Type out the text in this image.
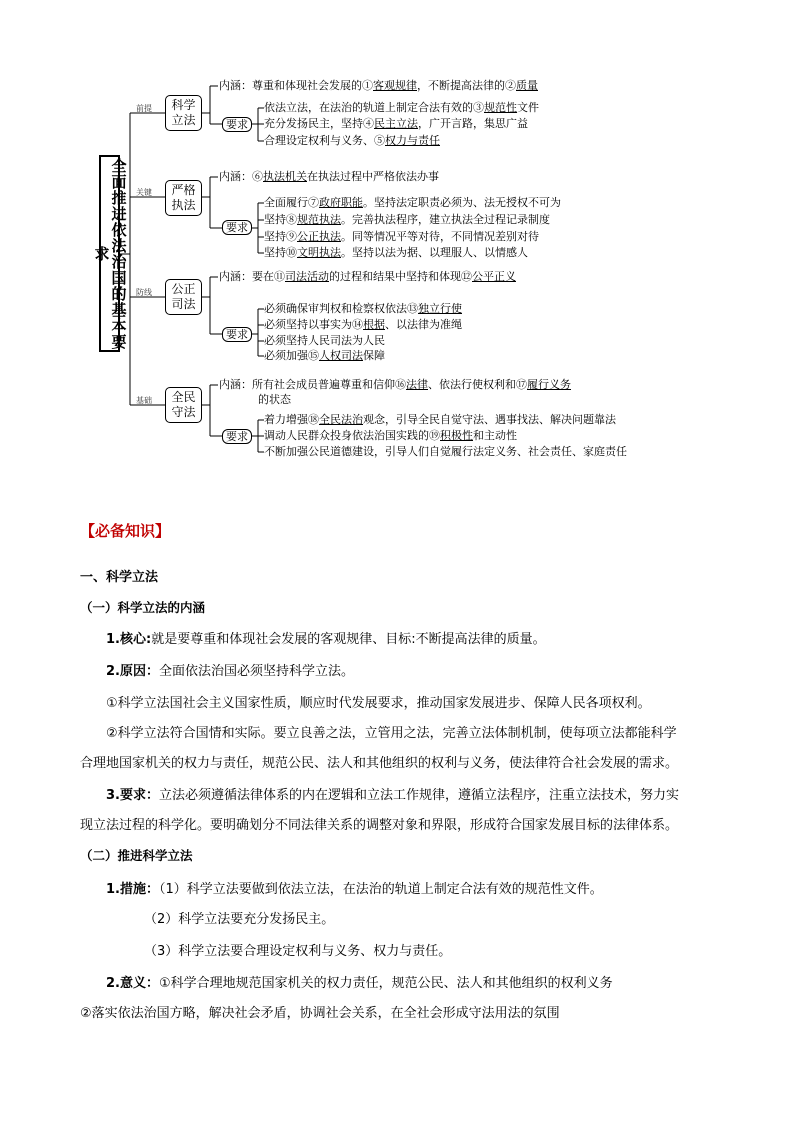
全面推进依法治国的基本要求
前提
关键
防线
基础
科学立法
严格执法
公正司法
全民守法
要求
要求
要求
要求
内涵：尊重和体现社会发展的①客观规律，不断提高法律的②质量
依法立法，在法治的轨道上制定合法有效的③规范性文件
充分发扬民主，坚持④民主立法，广开言路，集思广益
合理设定权利与义务、⑤权力与责任
内涵：⑥执法机关在执法过程中严格依法办事
全面履行⑦政府职能。坚持法定职责必须为、法无授权不可为
坚持⑧规范执法。完善执法程序，建立执法全过程记录制度
坚持⑨公正执法。同等情况平等对待，不同情况差别对待
坚持⑩文明执法。坚持以法为据、以理服人、以情感人
内涵：要在⑪司法活动的过程和结果中坚持和体现⑫公平正义
必须确保审判权和检察权依法⑬独立行使
必须坚持以事实为⑭根据、以法律为准绳
必须坚持人民司法为人民
必须加强⑮人权司法保障
内涵：所有社会成员普遍尊重和信仰⑯法律、依法行使权利和⑰履行义务
的状态
着力增强⑱全民法治观念，引导全民自觉守法、遇事找法、解决问题靠法
调动人民群众投身依法治国实践的⑲积极性和主动性
不断加强公民道德建设，引导人们自觉履行法定义务、社会责任、家庭责任
【必备知识】
一、科学立法
（一）科学立法的内涵
1.核心:就是要尊重和体现社会发展的客观规律、目标:不断提高法律的质量。
2.原因：全面依法治国必须坚持科学立法。
①科学立法国社会主义国家性质，顺应时代发展要求，推动国家发展进步、保障人民各项权利。
②科学立法符合国情和实际。要立良善之法，立管用之法，完善立法体制机制，使每项立法都能科学
合理地国家机关的权力与责任，规范公民、法人和其他组织的权利与义务，使法律符合社会发展的需求。
3.要求：立法必须遵循法律体系的内在逻辑和立法工作规律，遵循立法程序，注重立法技术，努力实
现立法过程的科学化。要明确划分不同法律关系的调整对象和界限，形成符合国家发展目标的法律体系。
（二）推进科学立法
1.措施：（1）科学立法要做到依法立法，在法治的轨道上制定合法有效的规范性文件。
（2）科学立法要充分发扬民主。
（3）科学立法要合理设定权利与义务、权力与责任。
2.意义：①科学合理地规范国家机关的权力责任，规范公民、法人和其他组织的权利义务
②落实依法治国方略，解决社会矛盾，协调社会关系，在全社会形成守法用法的氛围
